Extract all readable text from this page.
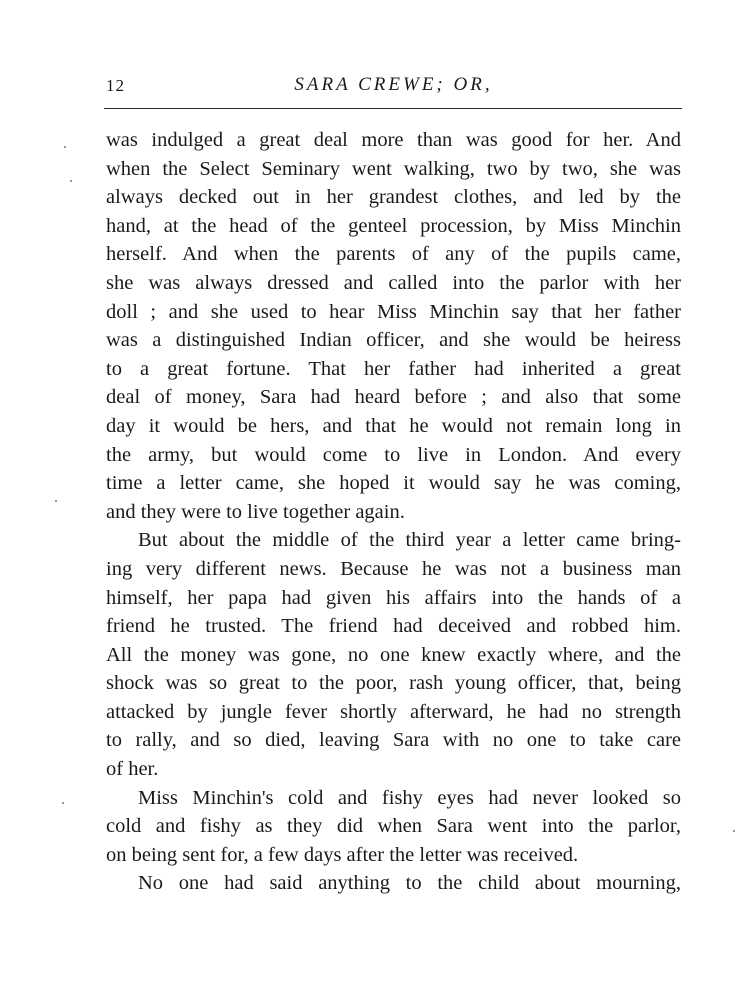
12	SARA CREWE; OR,
was indulged a great deal more than was good for her. And
when the Select Seminary went walking, two by two, she was
always decked out in her grandest clothes, and led by the
hand, at the head of the genteel procession, by Miss Minchin
herself. And when the parents of any of the pupils came,
she was always dressed and called into the parlor with her
doll ; and she used to hear Miss Minchin say that her father
was a distinguished Indian officer, and she would be heiress
to a great fortune. That her father had inherited a great
deal of money, Sara had heard before ; and also that some
day it would be hers, and that he would not remain long in
the army, but would come to live in London. And every
time a letter came, she hoped it would say he was coming,
and they were to live together again.
But about the middle of the third year a letter came bring-
ing very different news. Because he was not a business man
himself, her papa had given his affairs into the hands of a
friend he trusted. The friend had deceived and robbed him.
All the money was gone, no one knew exactly where, and the
shock was so great to the poor, rash young officer, that, being
attacked by jungle fever shortly afterward, he had no strength
to rally, and so died, leaving Sara with no one to take care
of her.
Miss Minchin's cold and fishy eyes had never looked so
cold and fishy as they did when Sara went into the parlor,
on being sent for, a few days after the letter was received.
No one had said anything to the child about mourning,
